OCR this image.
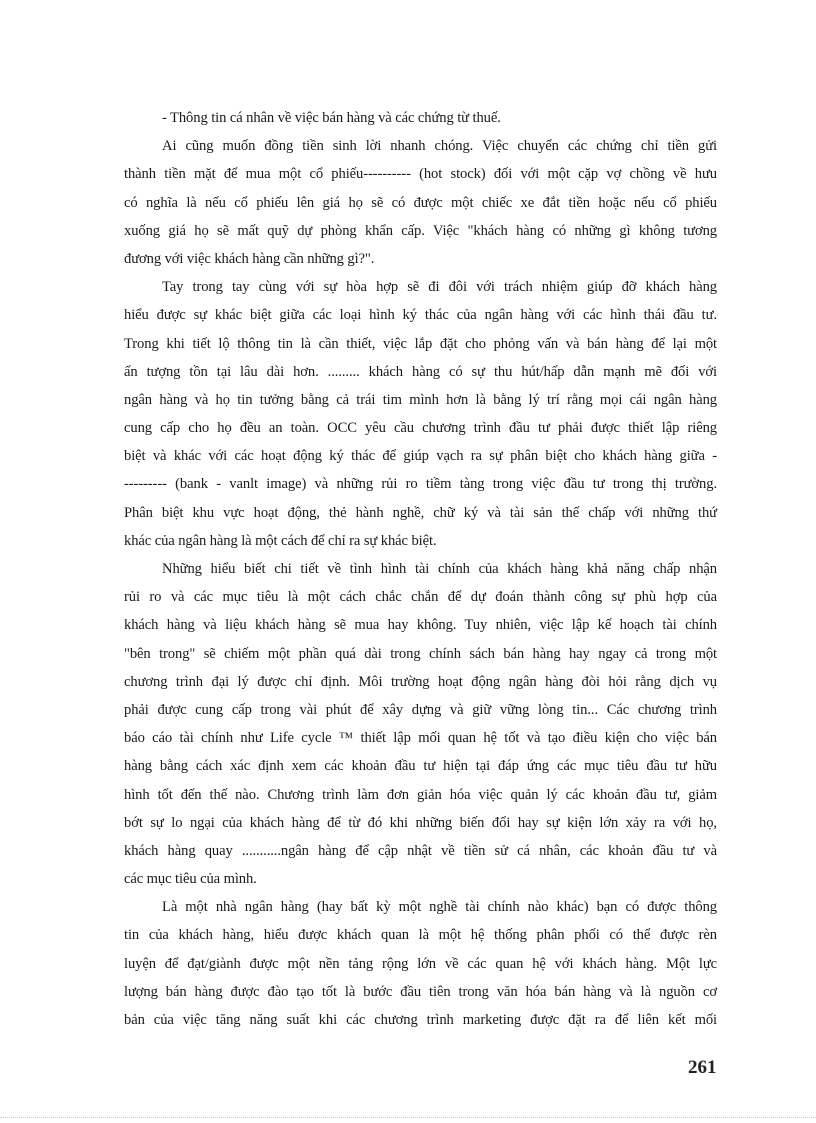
- Thông tin cá nhân về việc bán hàng và các chứng từ thuế.
Ai cũng muốn đồng tiền sinh lời nhanh chóng. Việc chuyển các chứng chỉ tiền gửi
thành tiền mặt để mua một cổ phiếu---------- (hot stock) đối với một cặp vợ chồng về hưu
có nghĩa là nếu cổ phiếu lên giá họ sẽ có được một chiếc xe đắt tiền hoặc nếu cổ phiếu
xuống giá họ sẽ mất quỹ dự phòng khẩn cấp. Việc "khách hàng có những gì không tương
đương với việc khách hàng cần những gì?".
Tay trong tay cùng với sự hòa hợp sẽ đi đôi với trách nhiệm giúp đỡ khách hàng
hiểu được sự khác biệt giữa các loại hình ký thác của ngân hàng với các hình thái đầu tư.
Trong khi tiết lộ thông tin là cần thiết, việc lắp đặt cho phỏng vấn và bán hàng để lại một
ấn tượng tồn tại lâu dài hơn. ......... khách hàng có sự thu hút/hấp dẫn mạnh mẽ đối với
ngân hàng và họ tin tưởng bằng cả trái tim mình hơn là bằng lý trí rằng mọi cái ngân hàng
cung cấp cho họ đều an toàn. OCC yêu cầu chương trình đầu tư phải được thiết lập riêng
biệt và khác với các hoạt động ký thác để giúp vạch ra sự phân biệt cho khách hàng giữa -
--------- (bank - vanlt image) và những rủi ro tiềm tàng trong việc đầu tư trong thị trường.
Phân biệt khu vực hoạt động, thẻ hành nghề, chữ ký và tài sản thế chấp với những thứ
khác của ngân hàng là một cách để chỉ ra sự khác biệt.
Những hiểu biết chi tiết về tình hình tài chính của khách hàng khả năng chấp nhận
rủi ro và các mục tiêu là một cách chắc chắn để dự đoán thành công sự phù hợp của
khách hàng và liệu khách hàng sẽ mua hay không. Tuy nhiên, việc lập kế hoạch tài chính
"bên trong" sẽ chiếm một phần quá dài trong chính sách bán hàng hay ngay cả trong một
chương trình đại lý được chỉ định. Môi trường hoạt động ngân hàng đòi hỏi rằng dịch vụ
phải được cung cấp trong vài phút để xây dựng và giữ vững lòng tin... Các chương trình
báo cáo tài chính như Life cycle ™ thiết lập mối quan hệ tốt và tạo điều kiện cho việc bán
hàng bằng cách xác định xem các khoản đầu tư hiện tại đáp ứng các mục tiêu đầu tư hữu
hình tốt đến thế nào. Chương trình làm đơn giản hóa việc quản lý các khoản đầu tư, giảm
bớt sự lo ngại của khách hàng để từ đó khi những biến đổi hay sự kiện lớn xảy ra với họ,
khách hàng quay ...........ngân hàng để cập nhật về tiền sử cá nhân, các khoản đầu tư và
các mục tiêu của mình.
Là một nhà ngân hàng (hay bất kỳ một nghề tài chính nào khác) bạn có được thông
tin của khách hàng, hiểu được khách quan là một hệ thống phân phối có thể được rèn
luyện để đạt/giành được một nền tảng rộng lớn về các quan hệ với khách hàng. Một lực
lượng bán hàng được đào tạo tốt là bước đầu tiên trong văn hóa bán hàng và là nguồn cơ
bản của việc tăng năng suất khi các chương trình marketing được đặt ra để liên kết mối
261
